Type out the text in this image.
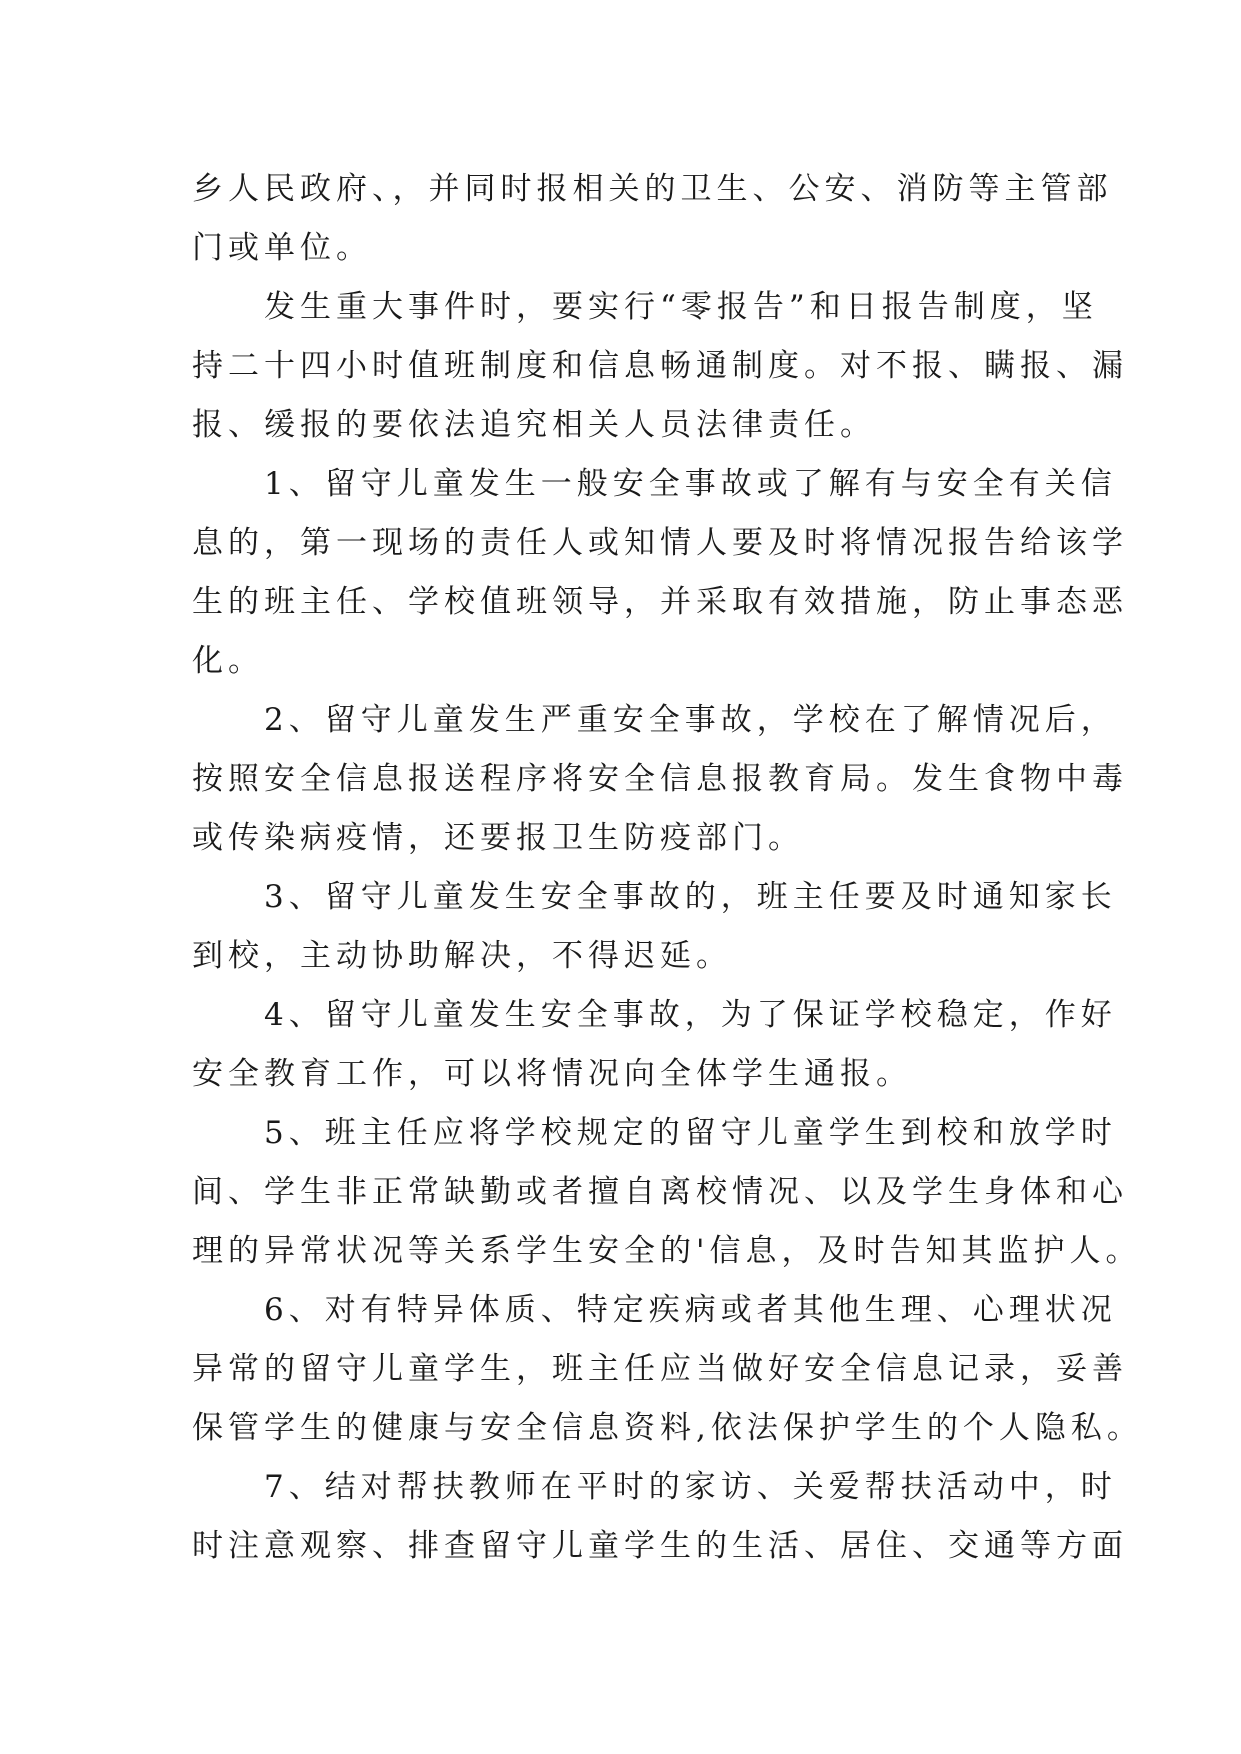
乡人民政府、，并同时报相关的卫生、公安、消防等主管部
门或单位。
发生重大事件时，要实行“零报告”和日报告制度，坚
持二十四小时值班制度和信息畅通制度。对不报、瞒报、漏
报、缓报的要依法追究相关人员法律责任。
1、留守儿童发生一般安全事故或了解有与安全有关信
息的，第一现场的责任人或知情人要及时将情况报告给该学
生的班主任、学校值班领导，并采取有效措施，防止事态恶
化。
2、留守儿童发生严重安全事故，学校在了解情况后，
按照安全信息报送程序将安全信息报教育局。发生食物中毒
或传染病疫情，还要报卫生防疫部门。
3、留守儿童发生安全事故的，班主任要及时通知家长
到校，主动协助解决，不得迟延。
4、留守儿童发生安全事故，为了保证学校稳定，作好
安全教育工作，可以将情况向全体学生通报。
5、班主任应将学校规定的留守儿童学生到校和放学时
间、学生非正常缺勤或者擅自离校情况、以及学生身体和心
理的异常状况等关系学生安全的'信息，及时告知其监护人。
6、对有特异体质、特定疾病或者其他生理、心理状况
异常的留守儿童学生，班主任应当做好安全信息记录，妥善
保管学生的健康与安全信息资料,依法保护学生的个人隐私。
7、结对帮扶教师在平时的家访、关爱帮扶活动中，时
时注意观察、排查留守儿童学生的生活、居住、交通等方面
